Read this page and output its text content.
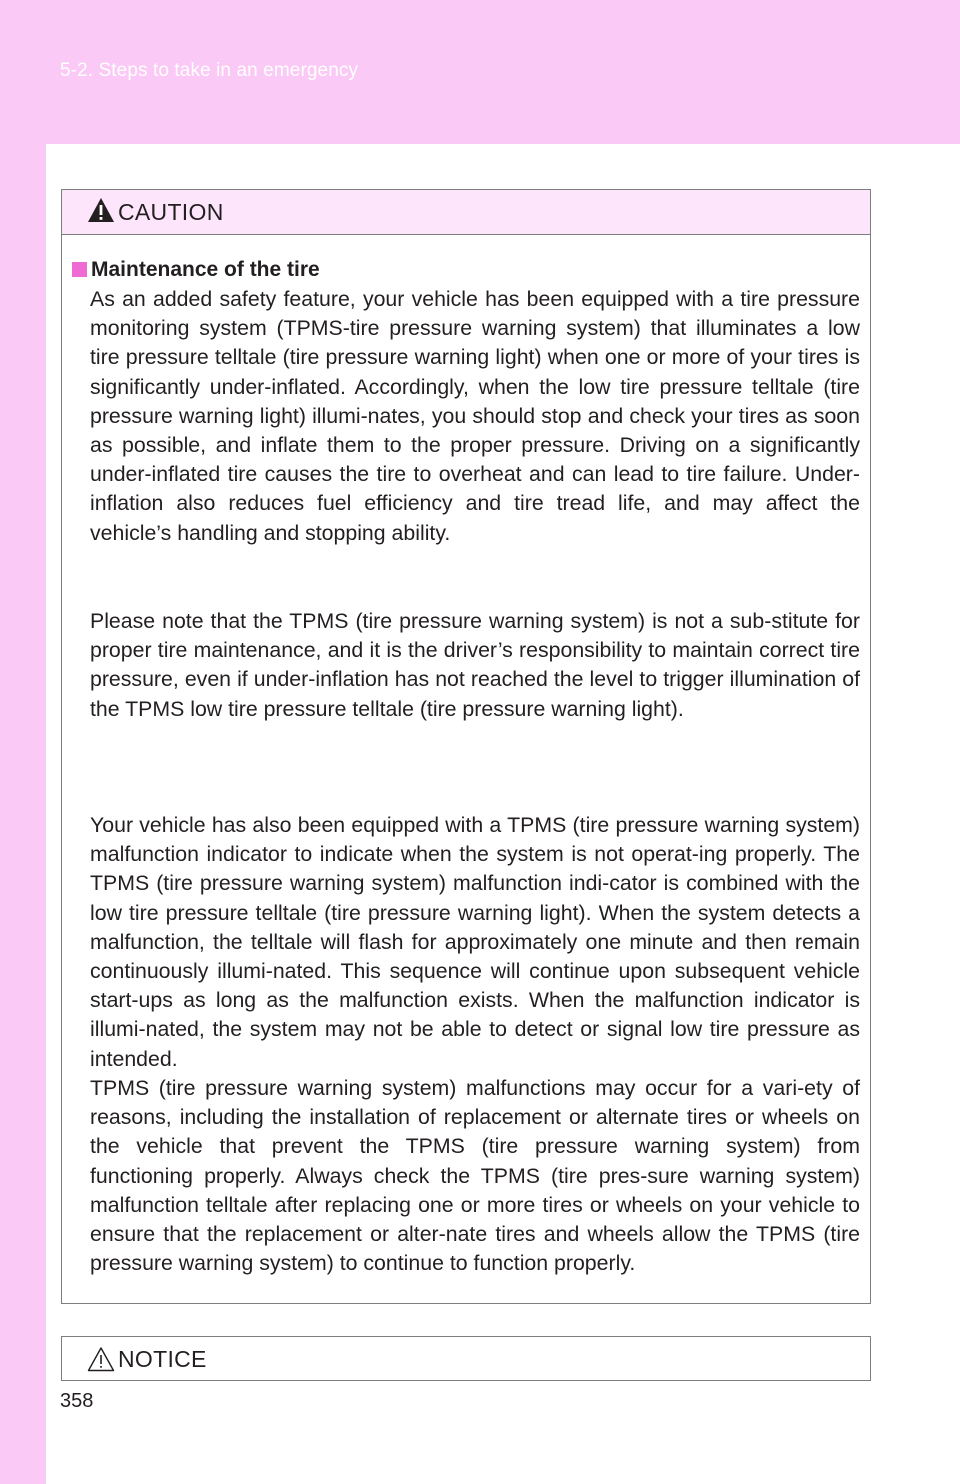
5-2. Steps to take in an emergency
CAUTION
Maintenance of the tire

As an added safety feature, your vehicle has been equipped with a tire pressure monitoring system (TPMS-tire pressure warning system) that illuminates a low tire pressure telltale (tire pressure warning light) when one or more of your tires is significantly under-inflated. Accordingly, when the low tire pressure telltale (tire pressure warning light) illumi-nates, you should stop and check your tires as soon as possible, and inflate them to the proper pressure. Driving on a significantly under-inflated tire causes the tire to overheat and can lead to tire failure. Under-inflation also reduces fuel efficiency and tire tread life, and may affect the vehicle’s handling and stopping ability.

Please note that the TPMS (tire pressure warning system) is not a sub-stitute for proper tire maintenance, and it is the driver’s responsibility to maintain correct tire pressure, even if under-inflation has not reached the level to trigger illumination of the TPMS low tire pressure telltale (tire pressure warning light).

Your vehicle has also been equipped with a TPMS (tire pressure warning system) malfunction indicator to indicate when the system is not operat-ing properly. The TPMS (tire pressure warning system) malfunction indi-cator is combined with the low tire pressure telltale (tire pressure warning light). When the system detects a malfunction, the telltale will flash for approximately one minute and then remain continuously illumi-nated. This sequence will continue upon subsequent vehicle start-ups as long as the malfunction exists. When the malfunction indicator is illumi-nated, the system may not be able to detect or signal low tire pressure as intended.

TPMS (tire pressure warning system) malfunctions may occur for a vari-ety of reasons, including the installation of replacement or alternate tires or wheels on the vehicle that prevent the TPMS (tire pressure warning system) from functioning properly. Always check the TPMS (tire pres-sure warning system) malfunction telltale after replacing one or more tires or wheels on your vehicle to ensure that the replacement or alter-nate tires and wheels allow the TPMS (tire pressure warning system) to continue to function properly.

NOTICE
358
